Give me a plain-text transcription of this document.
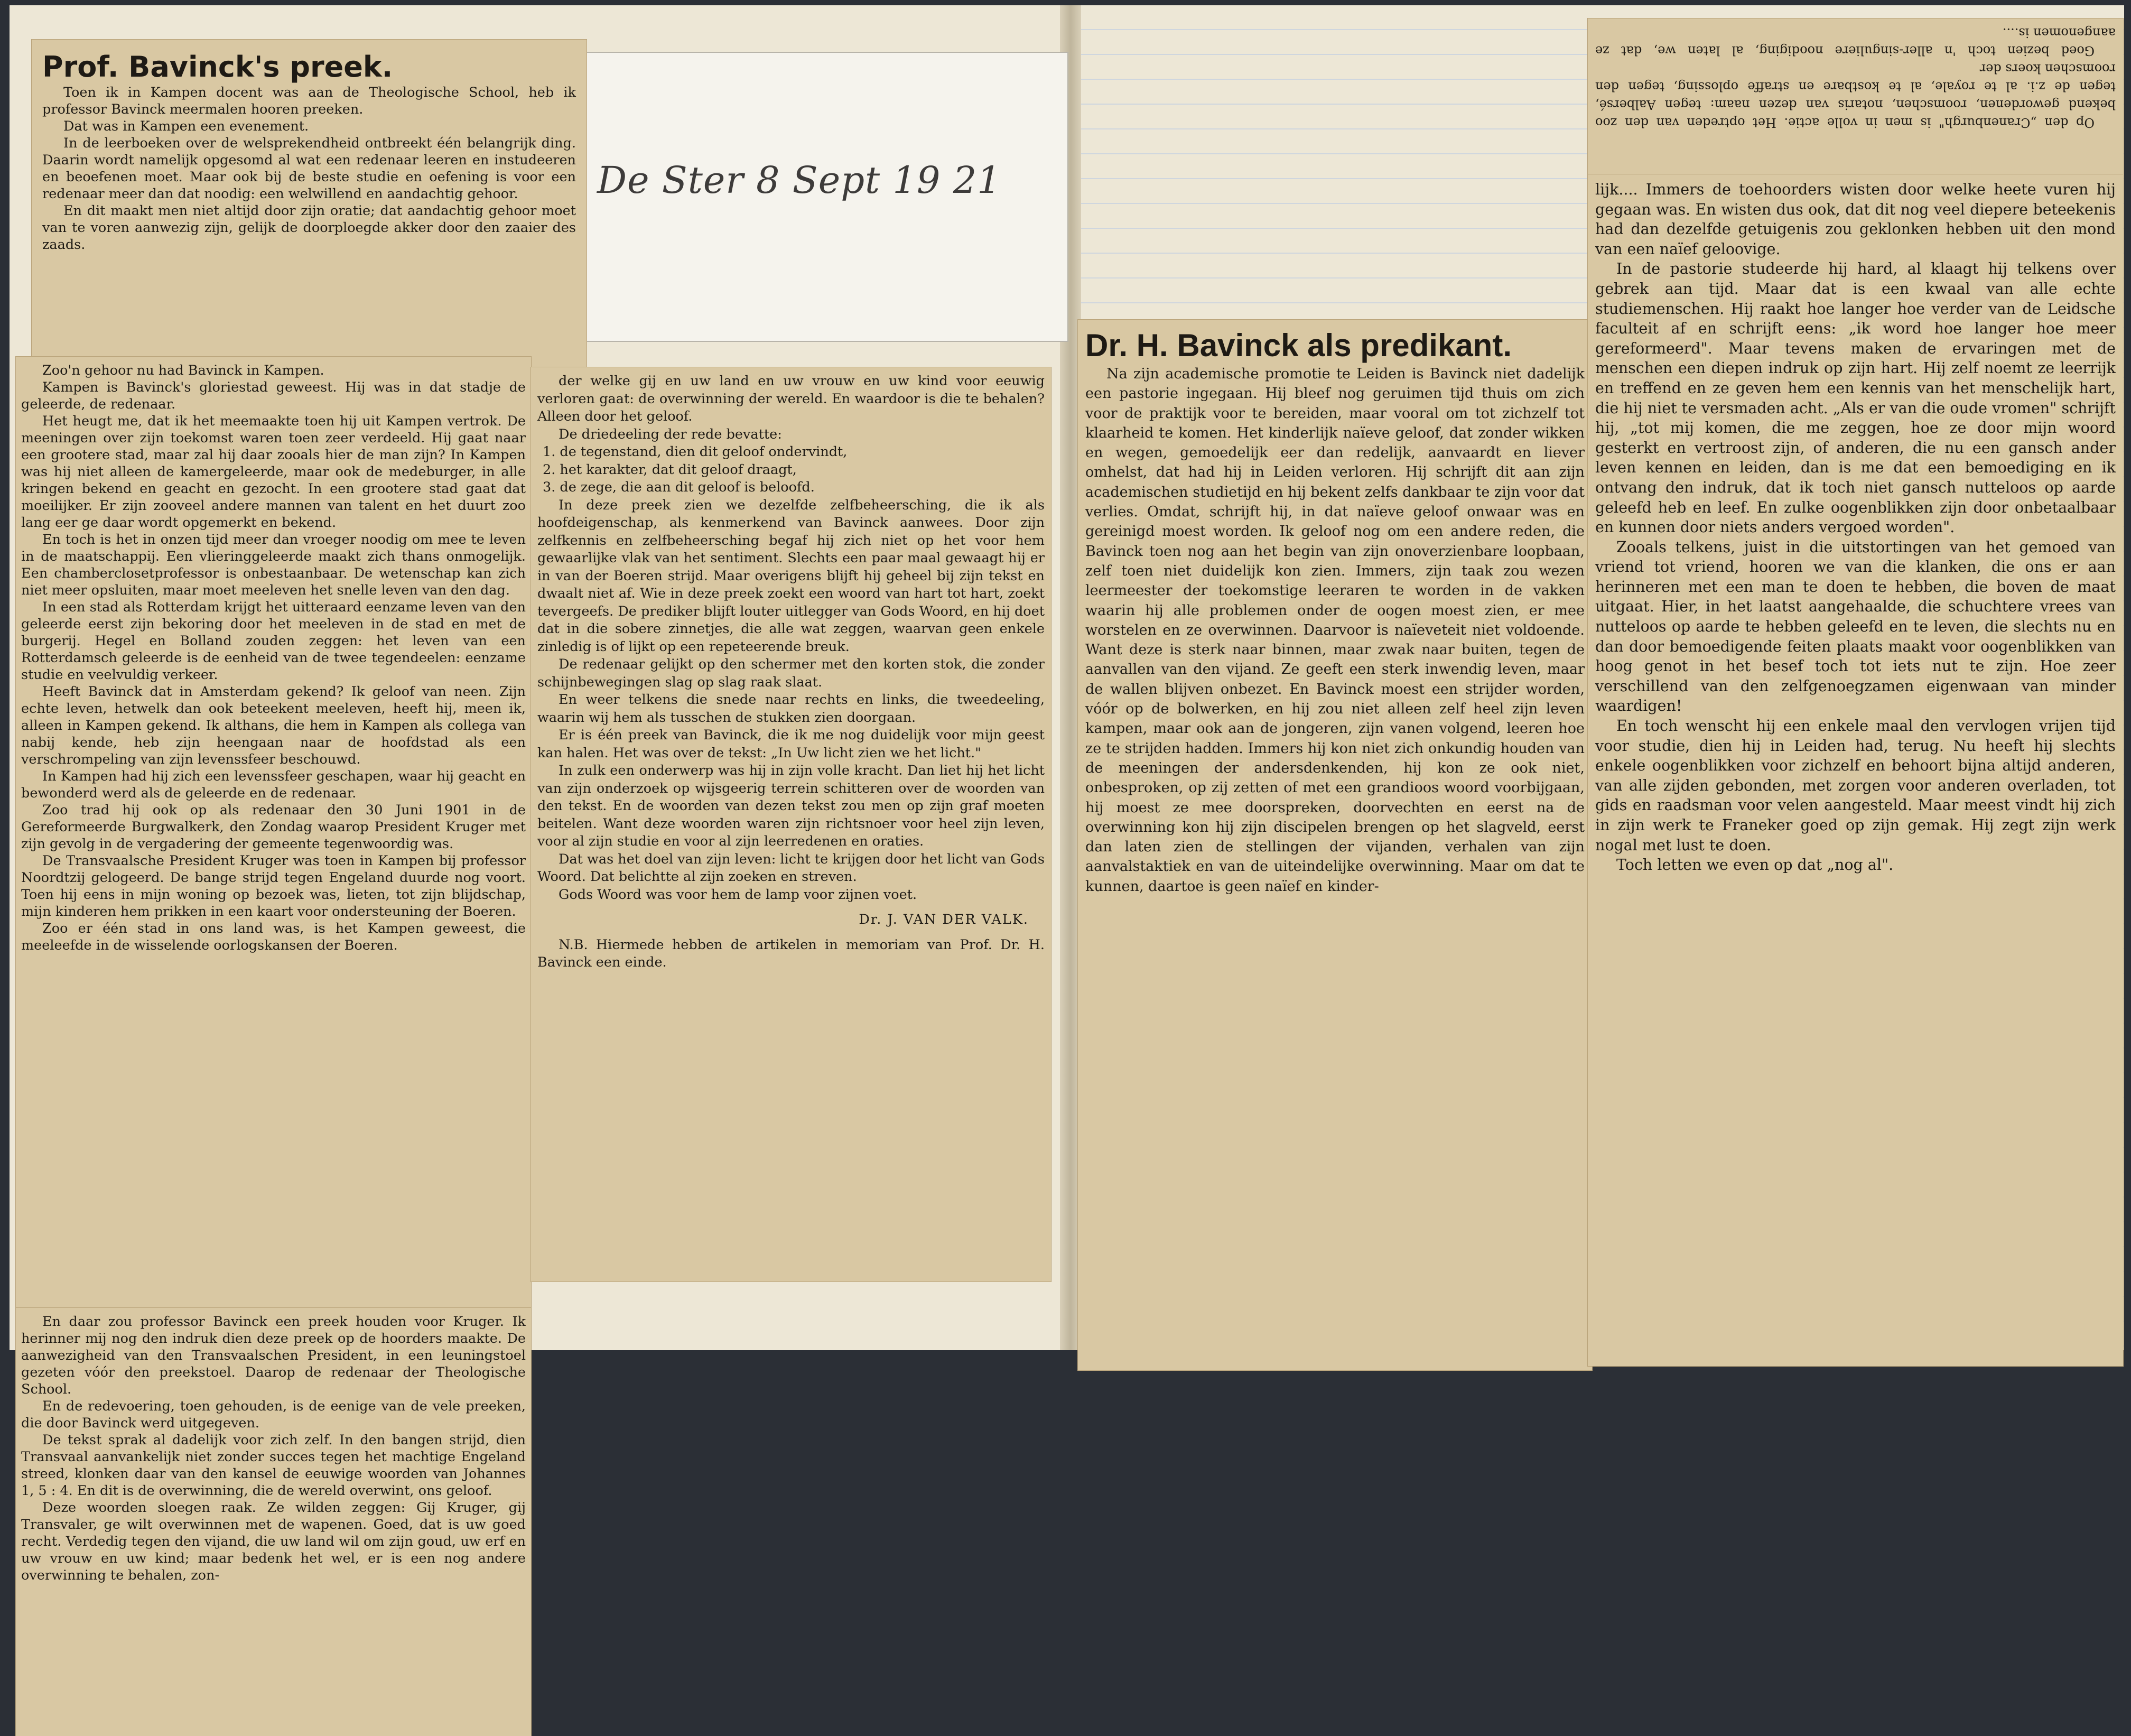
De Ster 8 Sept 19 21
Prof. Bavinck's preek.

Toen ik in Kampen docent was aan de Theologische School, heb ik professor Bavinck meermalen hooren preeken.

Dat was in Kampen een evenement.

In de leerboeken over de welsprekendheid ontbreekt één belangrijk ding. Daarin wordt namelijk opgesomd al wat een redenaar leeren en instudeeren en beoefenen moet. Maar ook bij de beste studie en oefening is voor een redenaar meer dan dat noodig: een welwillend en aandachtig gehoor.

En dit maakt men niet altijd door zijn oratie; dat aandachtig gehoor moet van te voren aanwezig zijn, gelijk de doorploegde akker door den zaaier des zaads.

Zoo'n gehoor nu had Bavinck in Kampen.

Kampen is Bavinck's gloriestad geweest. Hij was in dat stadje de geleerde, de redenaar.

Het heugt me, dat ik het meemaakte toen hij uit Kampen vertrok. De meeningen over zijn toekomst waren toen zeer verdeeld. Hij gaat naar een grootere stad, maar zal hij daar zooals hier de man zijn? In Kampen was hij niet alleen de kamergeleerde, maar ook de medeburger, in alle kringen bekend en geacht en gezocht. In een grootere stad gaat dat moeilijker. Er zijn zooveel andere mannen van talent en het duurt zoo lang eer ge daar wordt opgemerkt en bekend.

En toch is het in onzen tijd meer dan vroeger noodig om mee te leven in de maatschappij. Een vlieringgeleerde maakt zich thans onmogelijk. Een chamberclosetprofessor is onbestaanbaar. De wetenschap kan zich niet meer opsluiten, maar moet meeleven het snelle leven van den dag.

In een stad als Rotterdam krijgt het uitteraard eenzame leven van den geleerde eerst zijn bekoring door het meeleven in de stad en met de burgerij. Hegel en Bolland zouden zeggen: het leven van een Rotterdamsch geleerde is de eenheid van de twee tegendeelen: eenzame studie en veelvuldig verkeer.

Heeft Bavinck dat in Amsterdam gekend? Ik geloof van neen. Zijn echte leven, hetwelk dan ook beteekent meeleven, heeft hij, meen ik, alleen in Kampen gekend. Ik althans, die hem in Kampen als collega van nabij kende, heb zijn heengaan naar de hoofdstad als een verschrompeling van zijn levenssfeer beschouwd.

In Kampen had hij zich een levenssfeer geschapen, waar hij geacht en bewonderd werd als de geleerde en de redenaar.

Zoo trad hij ook op als redenaar den 30 Juni 1901 in de Gereformeerde Burgwalkerk, den Zondag waarop President Kruger met zijn gevolg in de vergadering der gemeente tegenwoordig was.

De Transvaalsche President Kruger was toen in Kampen bij professor Noordtzij gelogeerd. De bange strijd tegen Engeland duurde nog voort. Toen hij eens in mijn woning op bezoek was, lieten, tot zijn blijdschap, mijn kinderen hem prikken in een kaart voor ondersteuning der Boeren.

Zoo er één stad in ons land was, is het Kampen geweest, die meeleefde in de wisselende oorlogskansen der Boeren.

En daar zou professor Bavinck een preek houden voor Kruger. Ik herinner mij nog den indruk dien deze preek op de hoorders maakte. De aanwezigheid van den Transvaalschen President, in een leuningstoel gezeten vóór den preekstoel. Daarop de redenaar der Theologische School.

En de redevoering, toen gehouden, is de eenige van de vele preeken, die door Bavinck werd uitgegeven.

De tekst sprak al dadelijk voor zich zelf. In den bangen strijd, dien Transvaal aanvankelijk niet zonder succes tegen het machtige Engeland streed, klonken daar van den kansel de eeuwige woorden van Johannes 1, 5 : 4. En dit is de overwinning, die de wereld overwint, ons geloof.

Deze woorden sloegen raak. Ze wilden zeggen: Gij Kruger, gij Transvaler, ge wilt overwinnen met de wapenen. Goed, dat is uw goed recht. Verdedig tegen den vijand, die uw land wil om zijn goud, uw erf en uw vrouw en uw kind; maar bedenk het wel, er is een nog andere overwinning te behalen, zon-

der welke gij en uw land en uw vrouw en uw kind voor eeuwig verloren gaat: de overwinning der wereld. En waardoor is die te behalen? Alleen door het geloof.

De driedeeling der rede bevatte:

1. de tegenstand, dien dit geloof ondervindt,
2. het karakter, dat dit geloof draagt,
3. de zege, die aan dit geloof is beloofd.

In deze preek zien we dezelfde zelfbeheersching, die ik als hoofdeigenschap, als kenmerkend van Bavinck aanwees. Door zijn zelfkennis en zelfbeheersching begaf hij zich niet op het voor hem gewaarlijke vlak van het sentiment. Slechts een paar maal gewaagt hij er in van der Boeren strijd. Maar overigens blijft hij geheel bij zijn tekst en dwaalt niet af. Wie in deze preek zoekt een woord van hart tot hart, zoekt tevergeefs. De prediker blijft louter uitlegger van Gods Woord, en hij doet dat in die sobere zinnetjes, die alle wat zeggen, waarvan geen enkele zinledig is of lijkt op een repeteerende breuk.

De redenaar gelijkt op den schermer met den korten stok, die zonder schijnbewegingen slag op slag raak slaat.

En weer telkens die snede naar rechts en links, die tweedeeling, waarin wij hem als tusschen de stukken zien doorgaan.

Er is één preek van Bavinck, die ik me nog duidelijk voor mijn geest kan halen. Het was over de tekst: „In Uw licht zien we het licht."

In zulk een onderwerp was hij in zijn volle kracht. Dan liet hij het licht van zijn onderzoek op wijsgeerig terrein schitteren over de woorden van den tekst. En de woorden van dezen tekst zou men op zijn graf moeten beitelen. Want deze woorden waren zijn richtsnoer voor heel zijn leven, voor al zijn studie en voor al zijn leerredenen en oraties.

Dat was het doel van zijn leven: licht te krijgen door het licht van Gods Woord. Dat belichtte al zijn zoeken en streven.

Gods Woord was voor hem de lamp voor zijnen voet.

Dr. J. VAN DER VALK.

N.B. Hiermede hebben de artikelen in memoriam van Prof. Dr. H. Bavinck een einde.

Op den „Cranenburgh" is men in volle actie. Het optreden van den zoo bekend gewordenen, roomschen, notaris van dezen naam: tegen Aalbersé, tegen de z.i. al te royale, al te kostbare en straffe oplossing, tegen den roomschen koers der

Goed bezien toch 'n aller-singuliere noodiging, al laten we, dat ze aangenomen is....

Dr. H. Bavinck als predikant.

Na zijn academische promotie te Leiden is Bavinck niet dadelijk een pastorie ingegaan. Hij bleef nog geruimen tijd thuis om zich voor de praktijk voor te bereiden, maar vooral om tot zichzelf tot klaarheid te komen. Het kinderlijk naïeve geloof, dat zonder wikken en wegen, gemoedelijk eer dan redelijk, aanvaardt en liever omhelst, dat had hij in Leiden verloren. Hij schrijft dit aan zijn academischen studietijd en hij bekent zelfs dankbaar te zijn voor dat verlies. Omdat, schrijft hij, in dat naïeve geloof onwaar was en gereinigd moest worden. Ik geloof nog om een andere reden, die Bavinck toen nog aan het begin van zijn onoverzienbare loopbaan, zelf toen niet duidelijk kon zien. Immers, zijn taak zou wezen leermeester der toekomstige leeraren te worden in de vakken waarin hij alle problemen onder de oogen moest zien, er mee worstelen en ze overwinnen. Daarvoor is naïeveteit niet voldoende. Want deze is sterk naar binnen, maar zwak naar buiten, tegen de aanvallen van den vijand. Ze geeft een sterk inwendig leven, maar de wallen blijven onbezet. En Bavinck moest een strijder worden, vóór op de bolwerken, en hij zou niet alleen zelf heel zijn leven kampen, maar ook aan de jongeren, zijn vanen volgend, leeren hoe ze te strijden hadden. Immers hij kon niet zich onkundig houden van de meeningen der andersdenkenden, hij kon ze ook niet, onbesproken, op zij zetten of met een grandioos woord voorbijgaan, hij moest ze mee doorspreken, doorvechten en eerst na de overwinning kon hij zijn discipelen brengen op het slagveld, eerst dan laten zien de stellingen der vijanden, verhalen van zijn aanvalstaktiek en van de uiteindelijke overwinning. Maar om dat te kunnen, daartoe is geen naïef en kinder-

lijk.... Immers de toehoorders wisten door welke heete vuren hij gegaan was. En wisten dus ook, dat dit nog veel diepere beteekenis had dan dezelfde getuigenis zou geklonken hebben uit den mond van een naïef geloovige.

In de pastorie studeerde hij hard, al klaagt hij telkens over gebrek aan tijd. Maar dat is een kwaal van alle echte studiemenschen. Hij raakt hoe langer hoe verder van de Leidsche faculteit af en schrijft eens: „ik word hoe langer hoe meer gereformeerd". Maar tevens maken de ervaringen met de menschen een diepen indruk op zijn hart. Hij zelf noemt ze leerrijk en treffend en ze geven hem een kennis van het menschelijk hart, die hij niet te versmaden acht. „Als er van die oude vromen" schrijft hij, „tot mij komen, die me zeggen, hoe ze door mijn woord gesterkt en vertroost zijn, of anderen, die nu een gansch ander leven kennen en leiden, dan is me dat een bemoediging en ik ontvang den indruk, dat ik toch niet gansch nutteloos op aarde geleefd heb en leef. En zulke oogenblikken zijn door onbetaalbaar en kunnen door niets anders vergoed worden".

Zooals telkens, juist in die uitstortingen van het gemoed van vriend tot vriend, hooren we van die klanken, die ons er aan herinneren met een man te doen te hebben, die boven de maat uitgaat. Hier, in het laatst aangehaalde, die schuchtere vrees van nutteloos op aarde te hebben geleefd en te leven, die slechts nu en dan door bemoedigende feiten plaats maakt voor oogenblikken van hoog genot in het besef toch tot iets nut te zijn. Hoe zeer verschillend van den zelfgenoegzamen eigenwaan van minder waardigen!

En toch wenscht hij een enkele maal den vervlogen vrijen tijd voor studie, dien hij in Leiden had, terug. Nu heeft hij slechts enkele oogenblikken voor zichzelf en behoort bijna altijd anderen, van alle zijden gebonden, met zorgen voor anderen overladen, tot gids en raadsman voor velen aangesteld. Maar meest vindt hij zich in zijn werk te Franeker goed op zijn gemak. Hij zegt zijn werk nogal met lust te doen.

Toch letten we even op dat „nog al".
